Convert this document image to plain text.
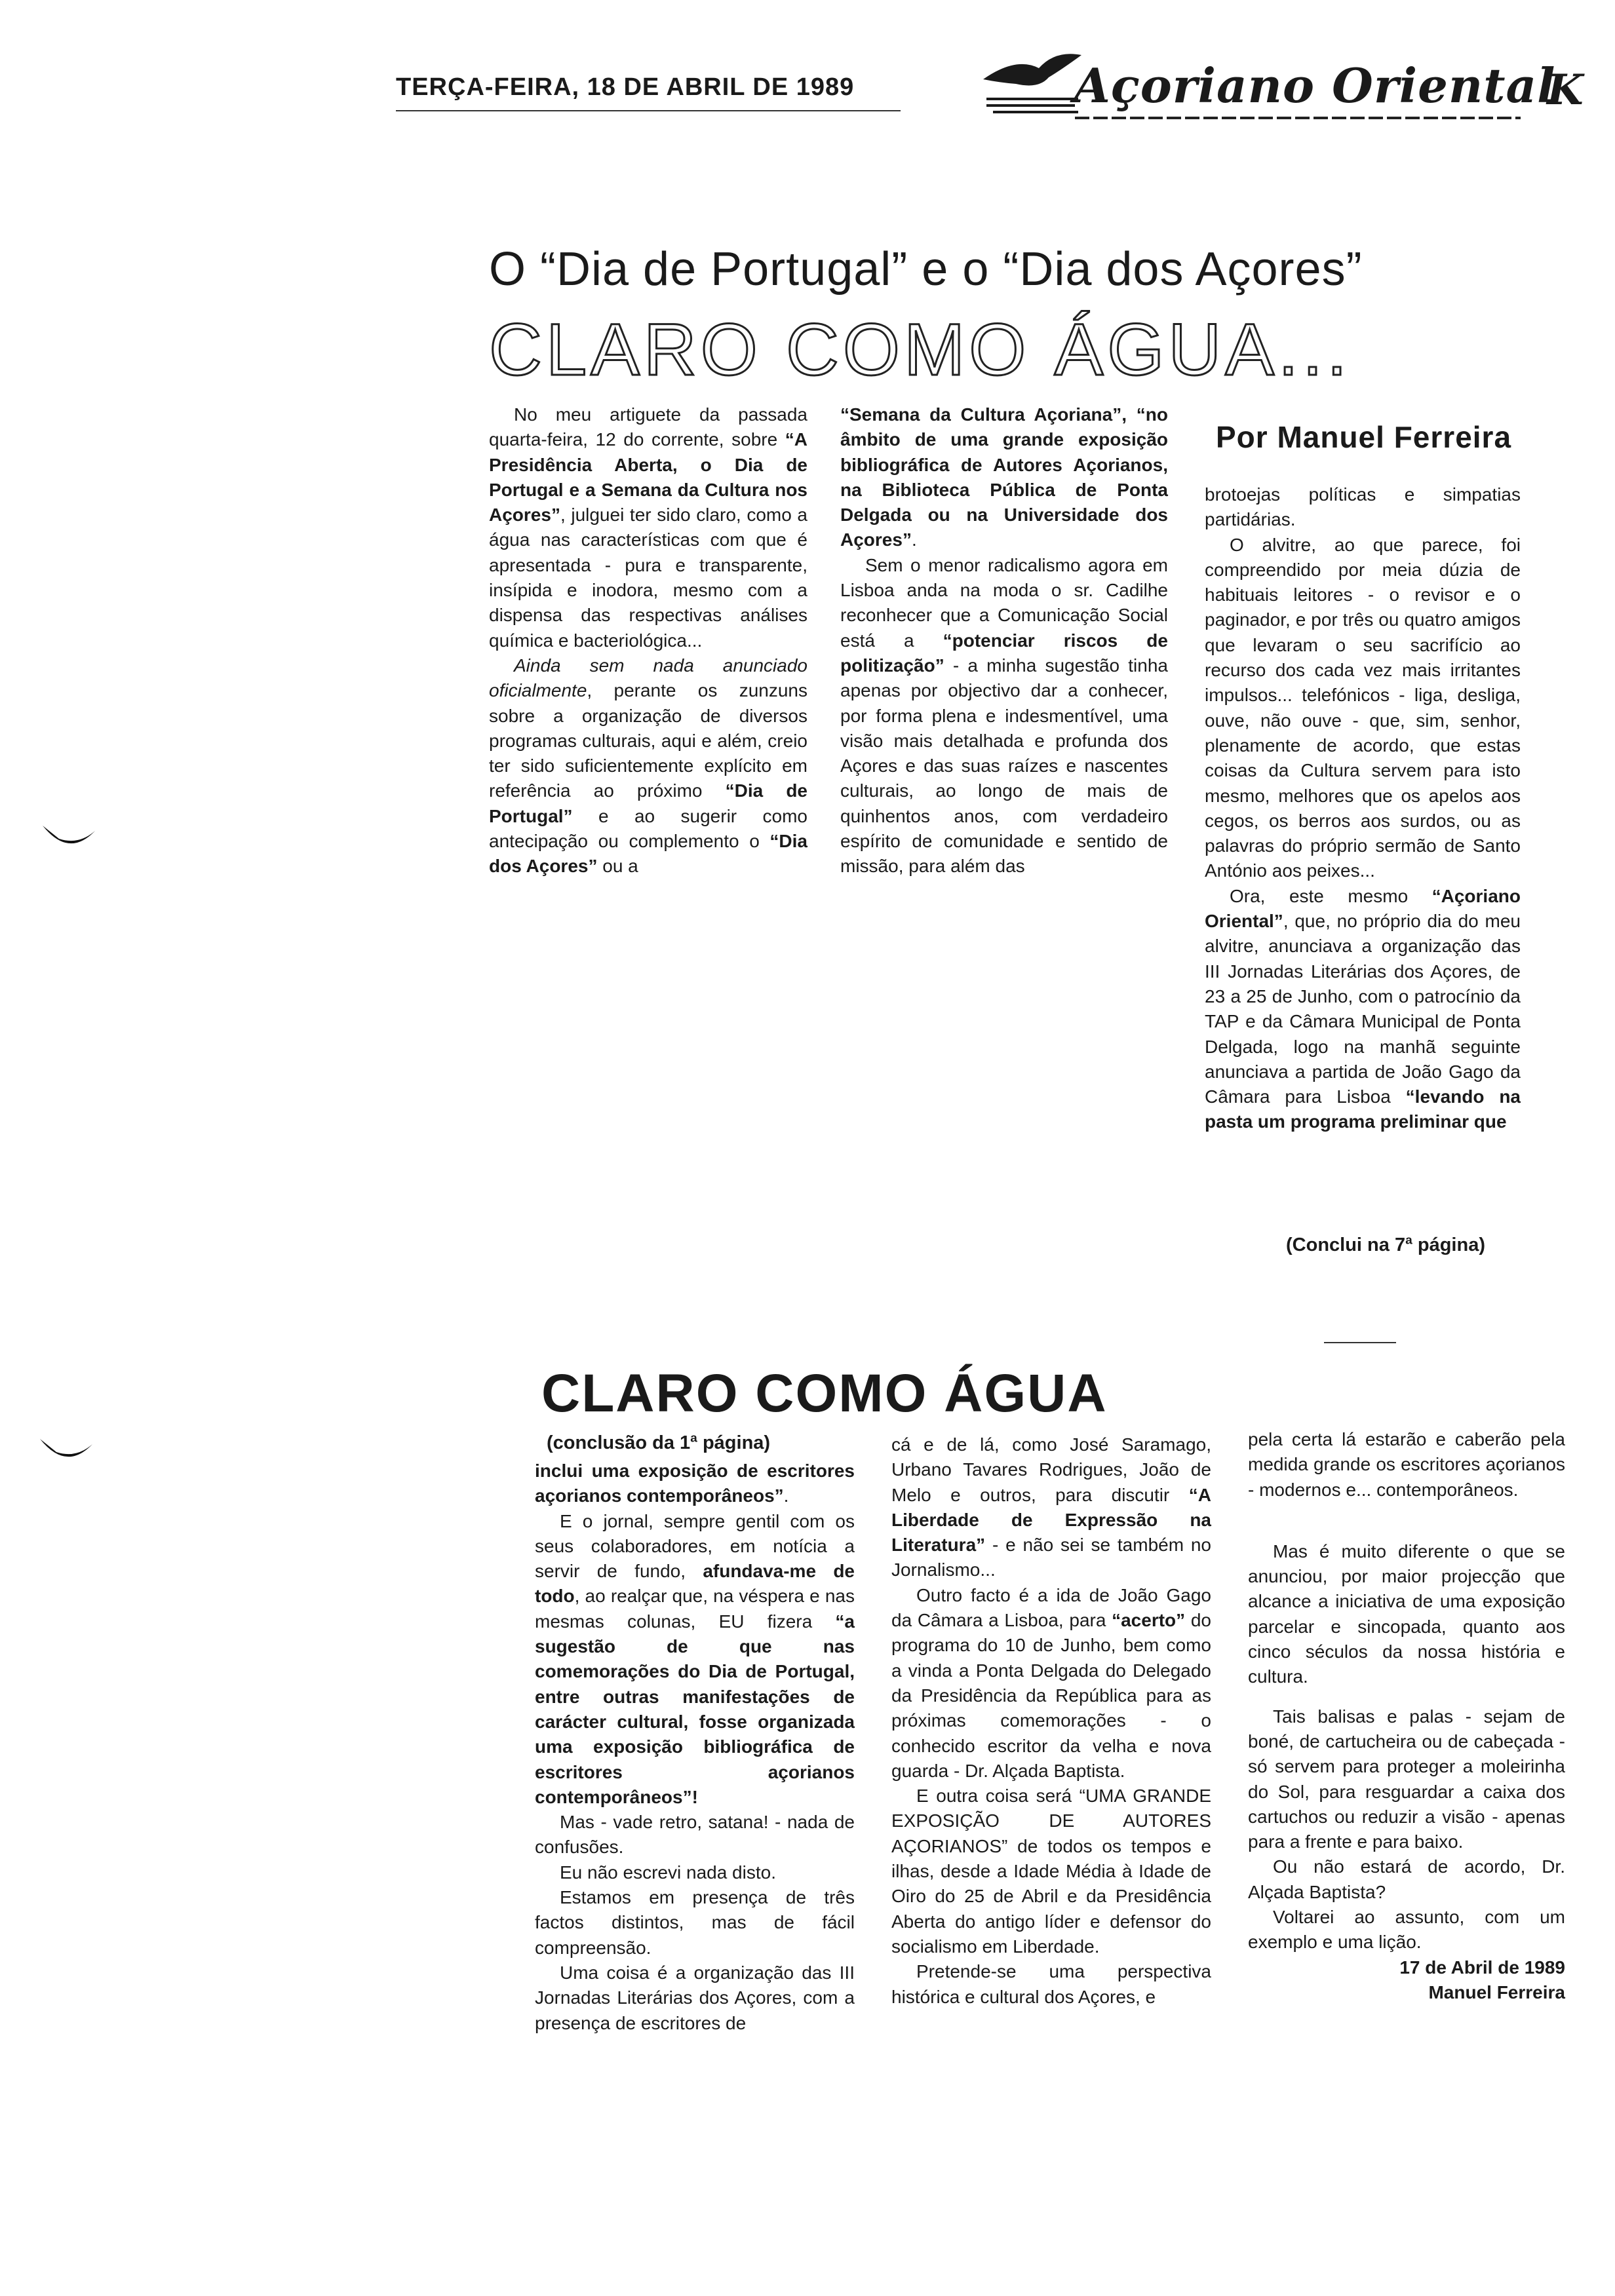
TERÇA-FEIRA, 18 DE ABRIL DE 1989	Açoriano Oriental
K
O “Dia de Portugal” e o “Dia dos Açores”
CLARO COMO ÁGUA...
Por Manuel Ferreira

No meu artiguete da passada quarta-feira, 12 do corrente, sobre “A Presidência Aberta, o Dia de Portugal e a Semana da Cultura nos Açores”, julguei ter sido claro, como a água nas características com que é apresentada - pura e transparente, insípida e inodora, mesmo com a dispensa das respectivas análises química e bacteriológica...

Ainda sem nada anunciado oficialmente, perante os zunzuns sobre a organização de diversos programas culturais, aqui e além, creio ter sido suficientemente explícito em referência ao próximo “Dia de Portugal” e ao sugerir como antecipação ou complemento o “Dia dos Açores” ou a

“Semana da Cultura Açoriana”, “no âmbito de uma grande exposição bibliográfica de Autores Açorianos, na Biblioteca Pública de Ponta Delgada ou na Universidade dos Açores”.

Sem o menor radicalismo agora em Lisboa anda na moda o sr. Cadilhe reconhecer que a Comunicação Social está a “potenciar riscos de politização” - a minha sugestão tinha apenas por objectivo dar a conhecer, por forma plena e indesmentível, uma visão mais detalhada e profunda dos Açores e das suas raízes e nascentes culturais, ao longo de mais de quinhentos anos, com verdadeiro espírito de comunidade e sentido de missão, para além das

brotoejas políticas e simpatias partidárias.

O alvitre, ao que parece, foi compreendido por meia dúzia de habituais leitores - o revisor e o paginador, e por três ou quatro amigos que levaram o seu sacrifício ao recurso dos cada vez mais irritantes impulsos... telefónicos - liga, desliga, ouve, não ouve - que, sim, senhor, plenamente de acordo, que estas coisas da Cultura servem para isto mesmo, melhores que os apelos aos cegos, os berros aos surdos, ou as palavras do próprio sermão de Santo António aos peixes...

Ora, este mesmo “Açoriano Oriental”, que, no próprio dia do meu alvitre, anunciava a organização das III Jornadas Literárias dos Açores, de 23 a 25 de Junho, com o patrocínio da TAP e da Câmara Municipal de Ponta Delgada, logo na manhã seguinte anunciava a partida de João Gago da Câmara para Lisboa “levando na pasta um programa preliminar que

(Conclui na 7ª página)
CLARO COMO ÁGUA
(conclusão da 1ª página)

inclui uma exposição de escritores açorianos contemporâneos”.

E o jornal, sempre gentil com os seus colaboradores, em notícia a servir de fundo, afundava-me de todo, ao realçar que, na véspera e nas mesmas colunas, EU fizera “a sugestão de que nas comemorações do Dia de Portugal, entre outras manifestações de carácter cultural, fosse organizada uma exposição bibliográfica de escritores açorianos contemporâneos”!

Mas - vade retro, satana! - nada de confusões.

Eu não escrevi nada disto.

Estamos em presença de três factos distintos, mas de fácil compreensão.

Uma coisa é a organização das III Jornadas Literárias dos Açores, com a presença de escritores de

cá e de lá, como José Saramago, Urbano Tavares Rodrigues, João de Melo e outros, para discutir “A Liberdade de Expressão na Literatura” - e não sei se também no Jornalismo...

Outro facto é a ida de João Gago da Câmara a Lisboa, para “acerto” do programa do 10 de Junho, bem como a vinda a Ponta Delgada do Delegado da Presidência da República para as próximas comemorações - o conhecido escritor da velha e nova guarda - Dr. Alçada Baptista.

E outra coisa será “UMA GRANDE EXPOSIÇÃO DE AUTORES AÇORIANOS” de todos os tempos e ilhas, desde a Idade Média à Idade de Oiro do 25 de Abril e da Presidência Aberta do antigo líder e defensor do socialismo em Liberdade.

Pretende-se uma perspectiva histórica e cultural dos Açores, e

pela certa lá estarão e caberão pela medida grande os escritores açorianos - modernos e... contemporâneos.

Mas é muito diferente o que se anunciou, por maior projecção que alcance a iniciativa de uma exposição parcelar e sincopada, quanto aos cinco séculos da nossa história e cultura.

Tais balisas e palas - sejam de boné, de cartucheira ou de cabeçada - só servem para proteger a moleirinha do Sol, para resguardar a caixa dos cartuchos ou reduzir a visão - apenas para a frente e para baixo.

Ou não estará de acordo, Dr. Alçada Baptista?

Voltarei ao assunto, com um exemplo e uma lição.

17 de Abril de 1989

Manuel Ferreira
